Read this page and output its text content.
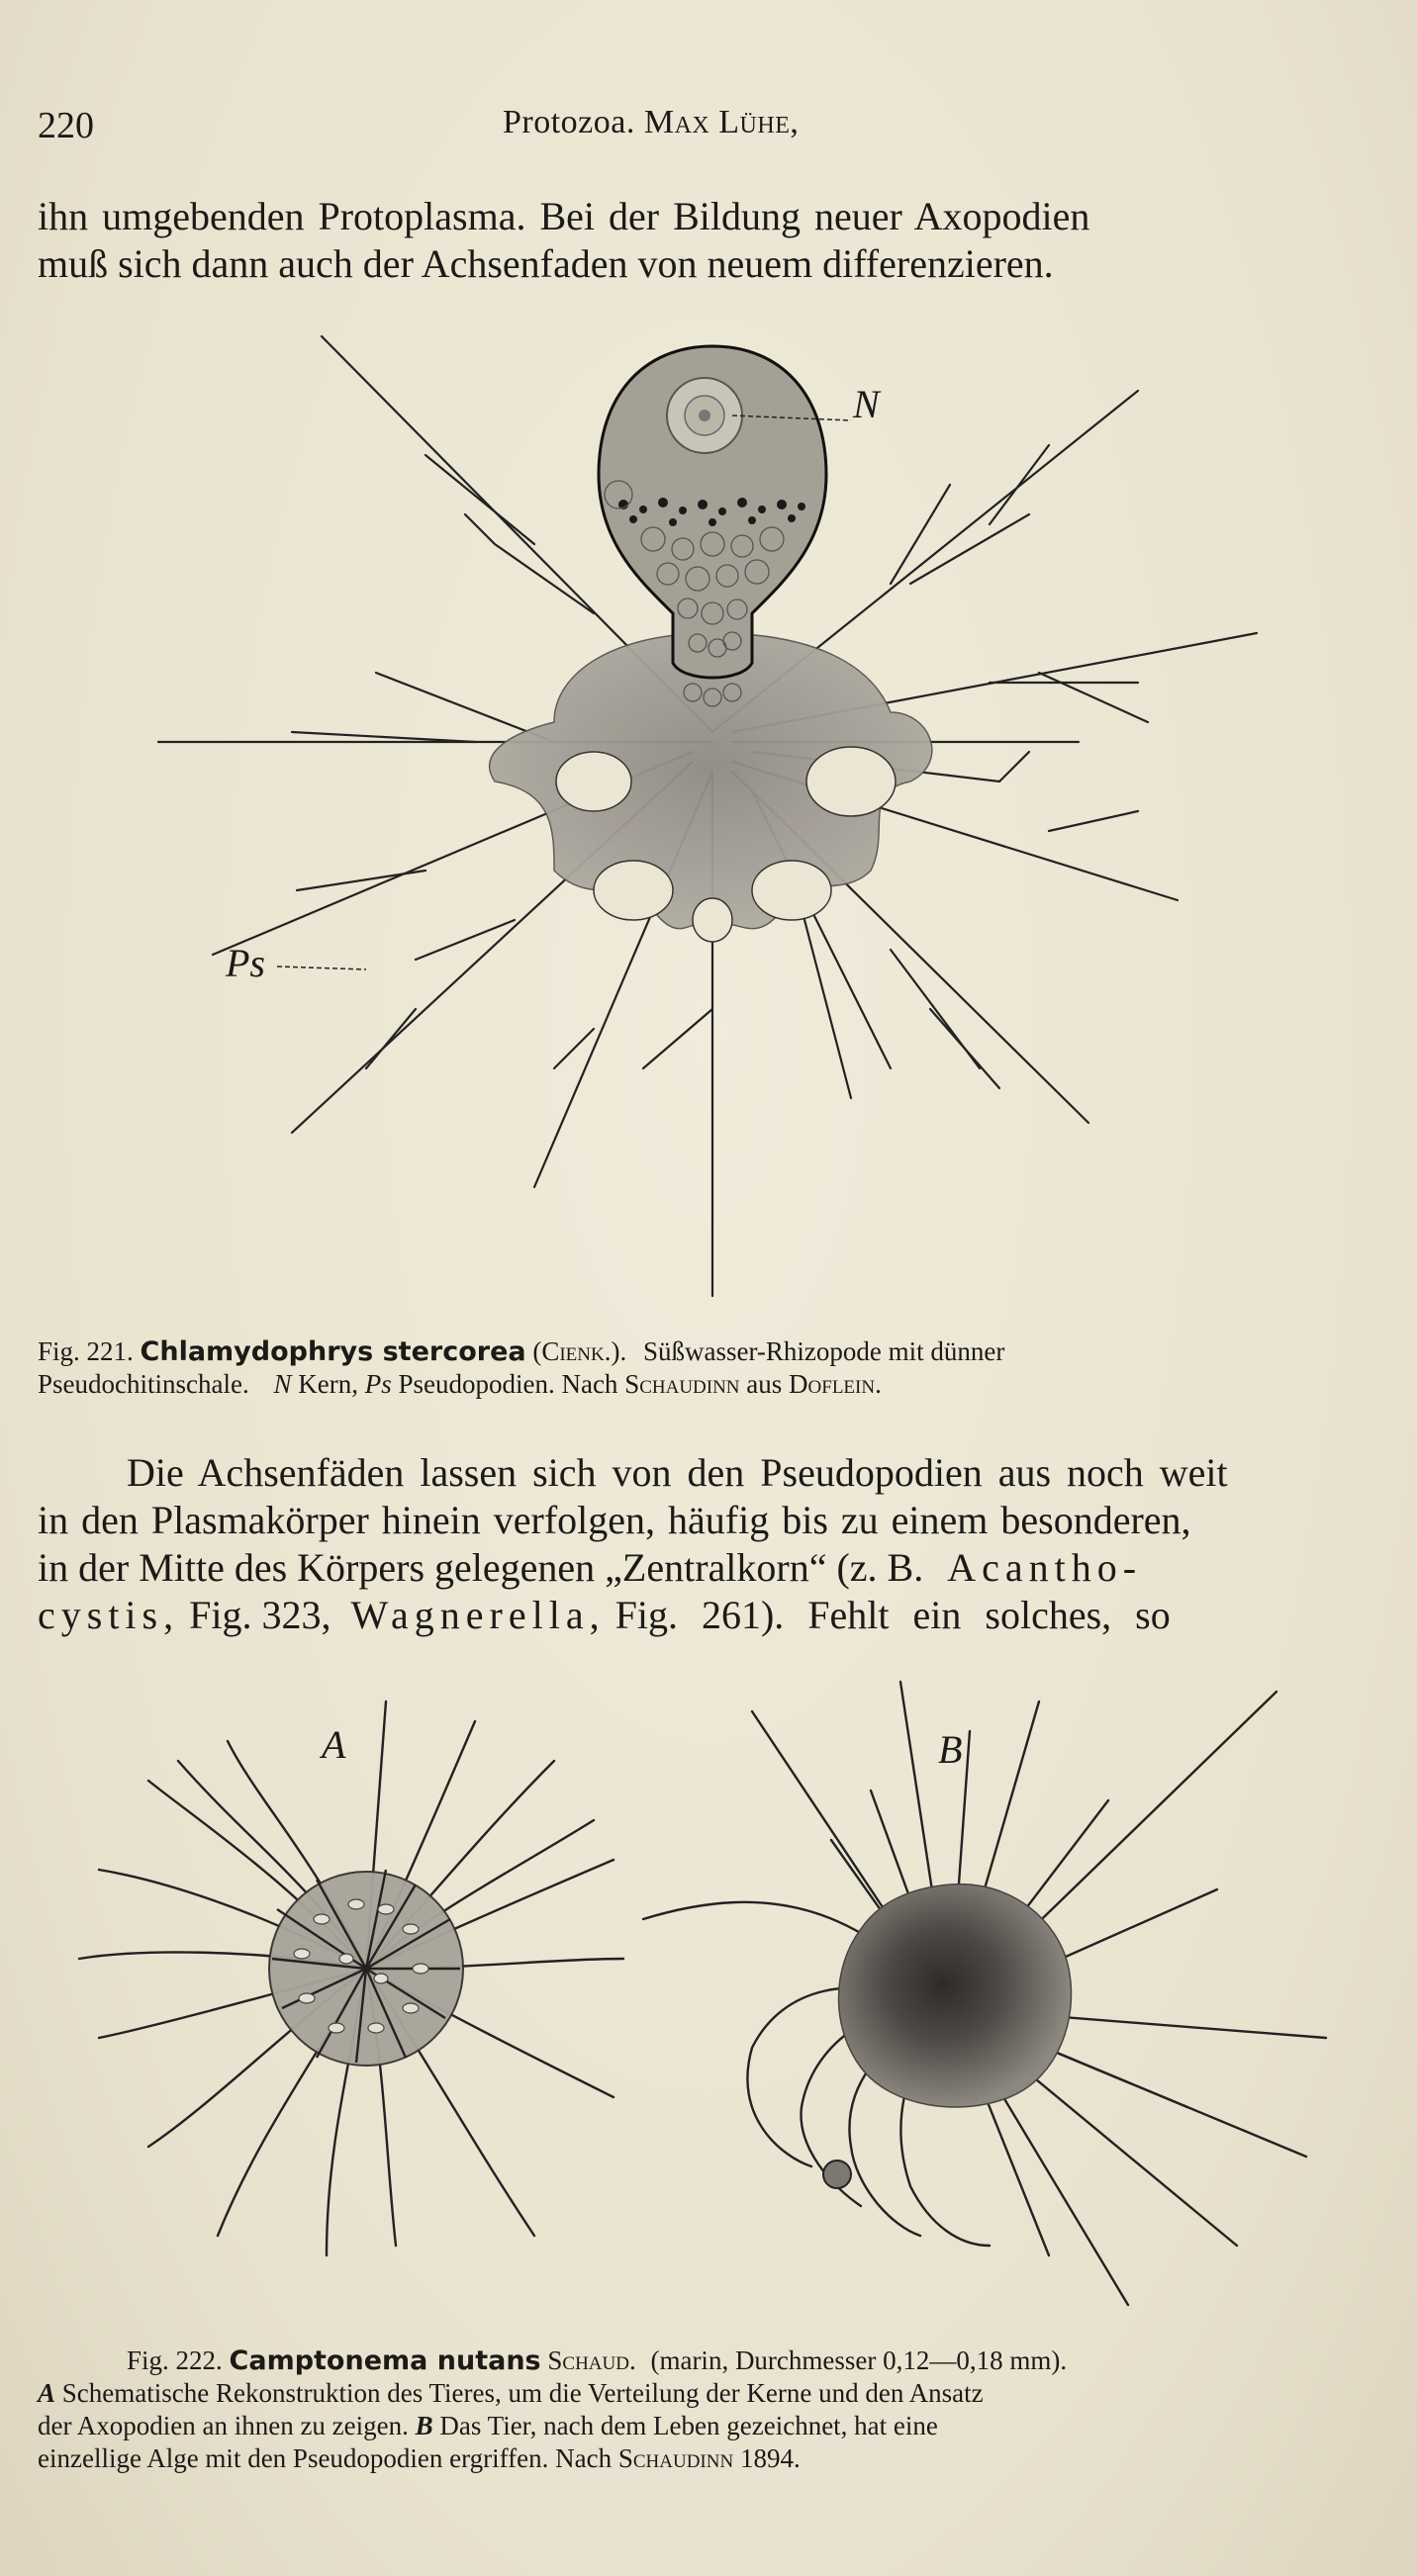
220	Protozoa. Max Lühe,
ihn umgebenden Protoplasma. Bei der Bildung neuer Axopodien
muß sich dann auch der Achsenfaden von neuem differenzieren.
N
Ps
Fig. 221. Chlamydophrys stercorea (Cienk.). Süßwasser-Rhizopode mit dünner
Pseudochitinschale. N Kern, Ps Pseudopodien. Nach Schaudinn aus Doflein.
Die Achsenfäden lassen sich von den Pseudopodien aus noch weit
in den Plasmakörper hinein verfolgen, häufig bis zu einem besonderen,
in der Mitte des Körpers gelegenen „Zentralkorn“ (z. B. Acantho-
cystis, Fig. 323, Wagnerella, Fig. 261). Fehlt ein solches, so
A	B
Fig. 222. Camptonema nutans Schaud. (marin, Durchmesser 0,12—0,18 mm).
A Schematische Rekonstruktion des Tieres, um die Verteilung der Kerne und den Ansatz
der Axopodien an ihnen zu zeigen. B Das Tier, nach dem Leben gezeichnet, hat eine
einzellige Alge mit den Pseudopodien ergriffen. Nach Schaudinn 1894.
